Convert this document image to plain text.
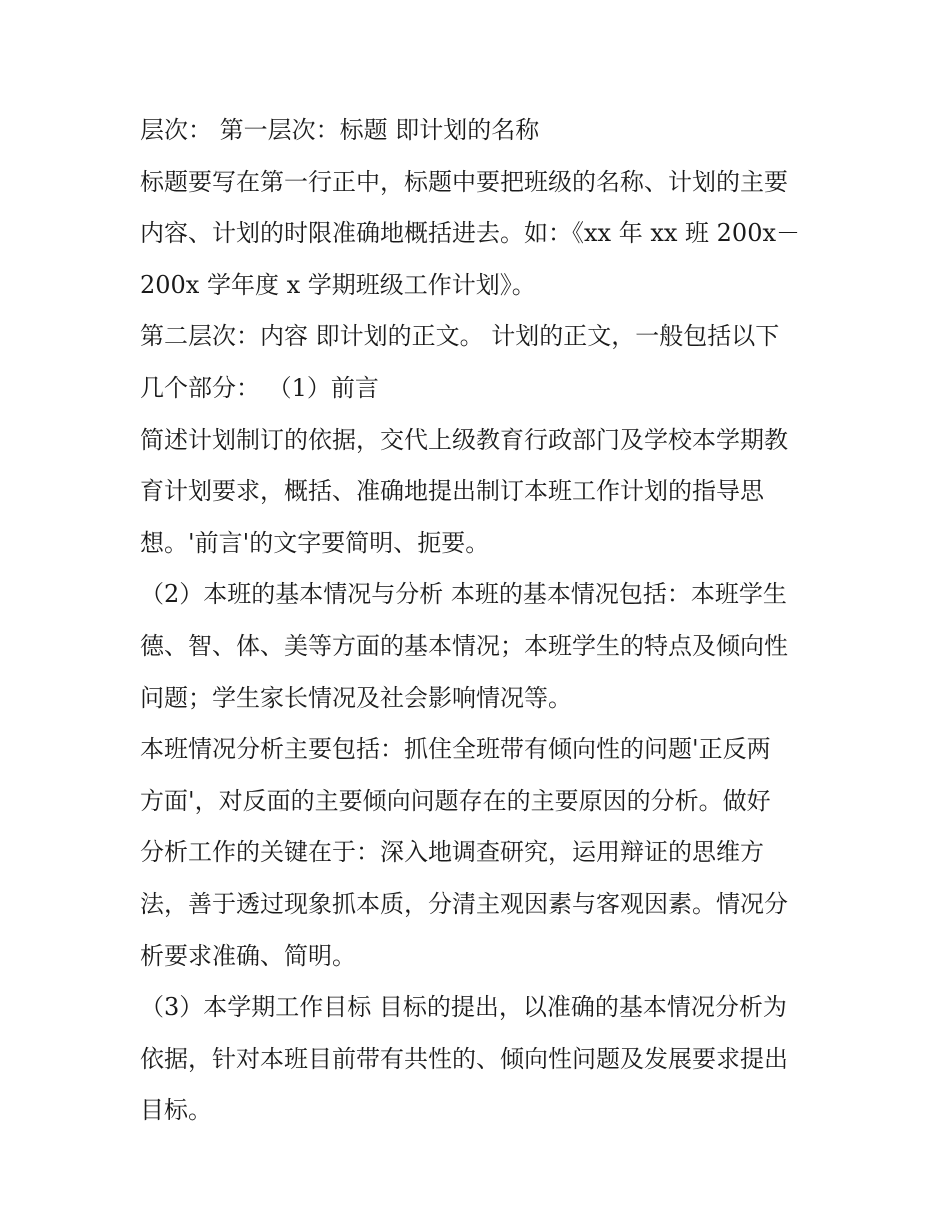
层次： 第一层次：标题 即计划的名称
标题要写在第一行正中，标题中要把班级的名称、计划的主要
内容、计划的时限准确地概括进去。如：《xx 年 xx 班 200x－
200x 学年度 x 学期班级工作计划》。
第二层次：内容 即计划的正文。 计划的正文，一般包括以下
几个部分： （1）前言
简述计划制订的依据，交代上级教育行政部门及学校本学期教
育计划要求，概括、准确地提出制订本班工作计划的指导思
想。'前言'的文字要简明、扼要。
（2）本班的基本情况与分析 本班的基本情况包括：本班学生
德、智、体、美等方面的基本情况；本班学生的特点及倾向性
问题；学生家长情况及社会影响情况等。
本班情况分析主要包括：抓住全班带有倾向性的问题'正反两
方面'，对反面的主要倾向问题存在的主要原因的分析。做好
分析工作的关键在于：深入地调查研究，运用辩证的思维方
法，善于透过现象抓本质，分清主观因素与客观因素。情况分
析要求准确、简明。
（3）本学期工作目标 目标的提出，以准确的基本情况分析为
依据，针对本班目前带有共性的、倾向性问题及发展要求提出
目标。
